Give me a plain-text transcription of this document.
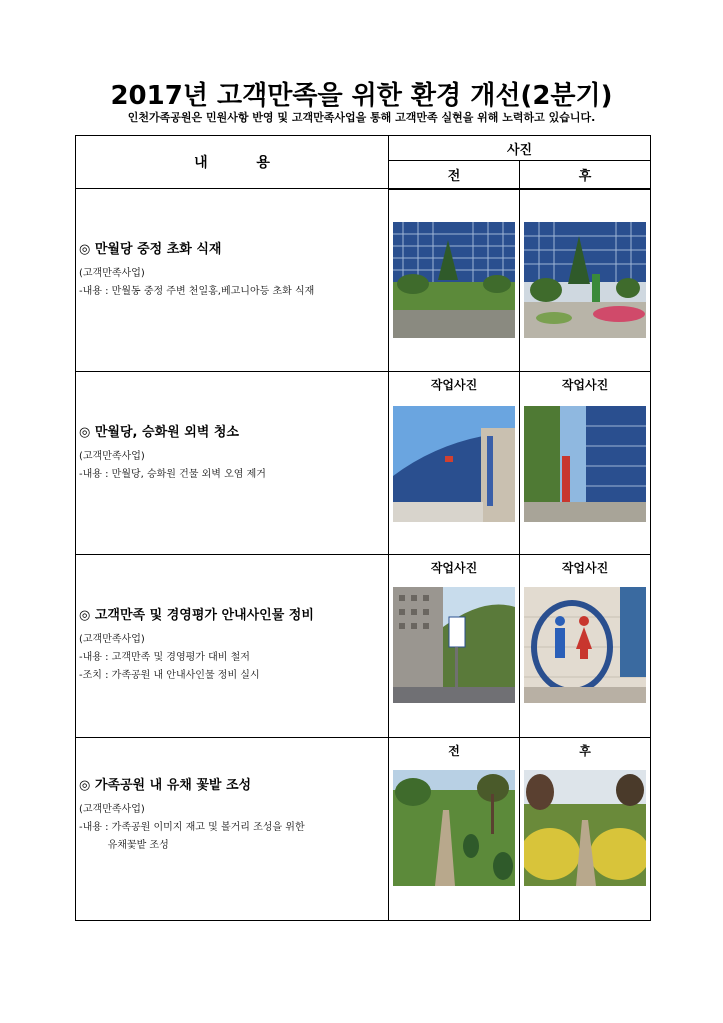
2017년 고객만족을 위한 환경 개선(2분기)
인천가족공원은 민원사항 반영 및 고객만족사업을 통해 고객만족 실현을 위해 노력하고 있습니다.
내          용	사진	
	전	후

◎ 만월당 중정 초화 식재
(고객만족사업)
-내용 : 만월동 중정 주변 천일홍,베고니아등 초화 식재

◎ 만월당, 승화원 외벽 청소
(고객만족사업)
-내용 : 만월당, 승화원 건물 외벽 오염 제거	작업사진	작업사진

◎ 고객만족 및 경영평가 안내사인물 정비
(고객만족사업)
-내용 : 고객만족 및 경영평가 대비 철저
-조치 : 가족공원 내 안내사인물 정비 실시	작업사진	작업사진

◎ 가족공원 내 유채 꽃밭 조성
(고객만족사업)
-내용 : 가족공원 이미지 재고 및 볼거리 조성을 위한
유채꽃밭 조성	전	후
